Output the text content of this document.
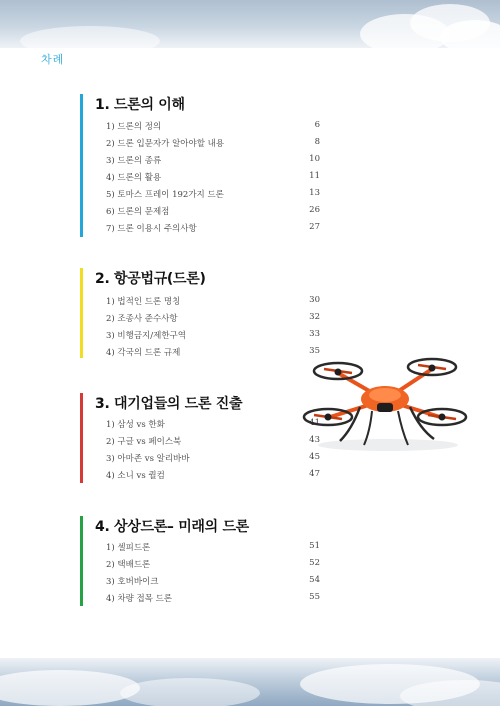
차례
1. 드론의 이해
1) 드론의 정의	6
2) 드론 입문자가 알아야할 내용	8
3) 드론의 종류	10
4) 드론의 활용	11
5) 토마스 프레이 192가지 드론	13
6) 드론의 문제점	26
7) 드론 이용시 주의사항	27
2. 항공법규(드론)
1) 법적인 드론 명칭	30
2) 조종사 준수사항	32
3) 비행금지/제한구역	33
4) 각국의 드론 규제	35
3. 대기업들의 드론 진출
1) 삼성 vs 한화	41
2) 구글 vs 페이스북	43
3) 아마존 vs 알리바바	45
4) 소니 vs 퀄컴	47
4. 상상드론– 미래의 드론
1) 셀피드론	51
2) 택배드론	52
3) 호버바이크	54
4) 차량 접목 드론	55
